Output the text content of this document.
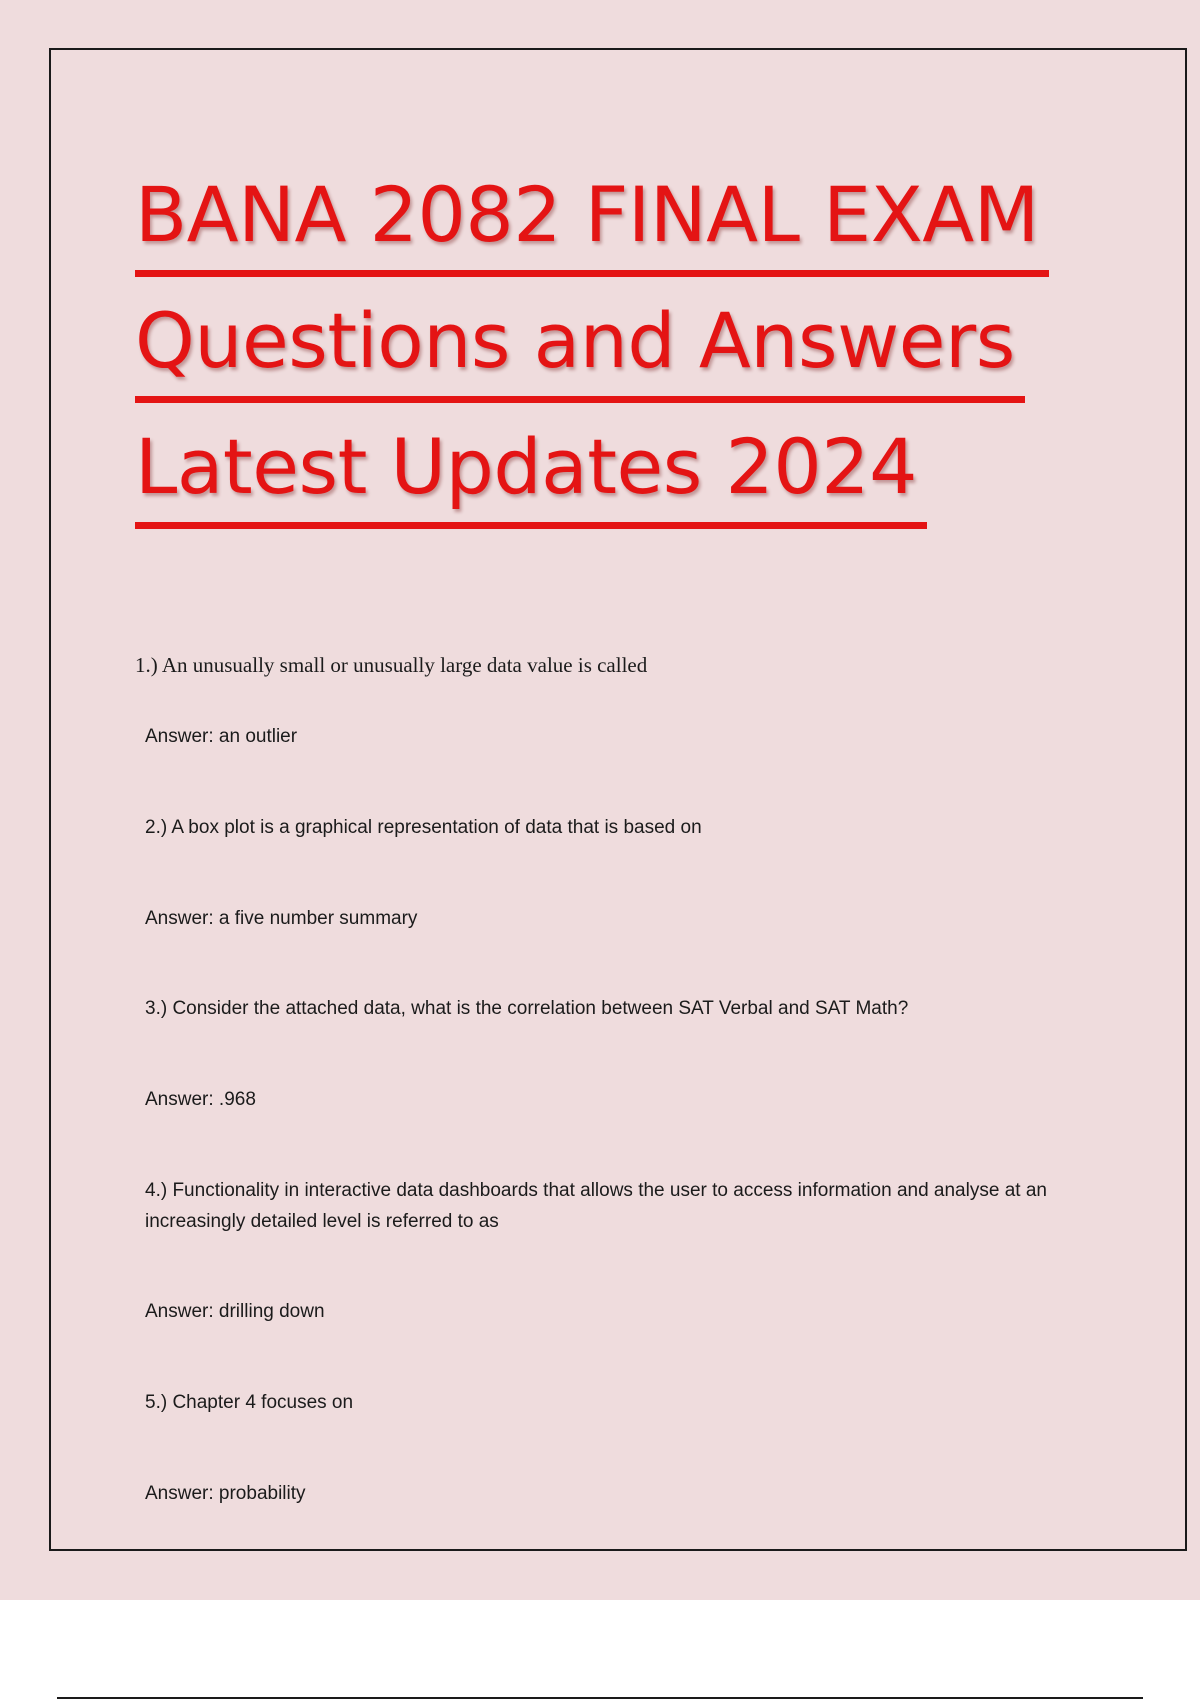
BANA 2082 FINAL EXAM
Questions and Answers
Latest Updates 2024
1.) An unusually small or unusually large data value is called
Answer: an outlier
2.) A box plot is a graphical representation of data that is based on
Answer: a five number summary
3.) Consider the attached data, what is the correlation between SAT Verbal and SAT Math?
Answer: .968
4.) Functionality in interactive data dashboards that allows the user to access information and analyse at an increasingly detailed level is referred to as
Answer: drilling down
5.) Chapter 4 focuses on
Answer: probability
